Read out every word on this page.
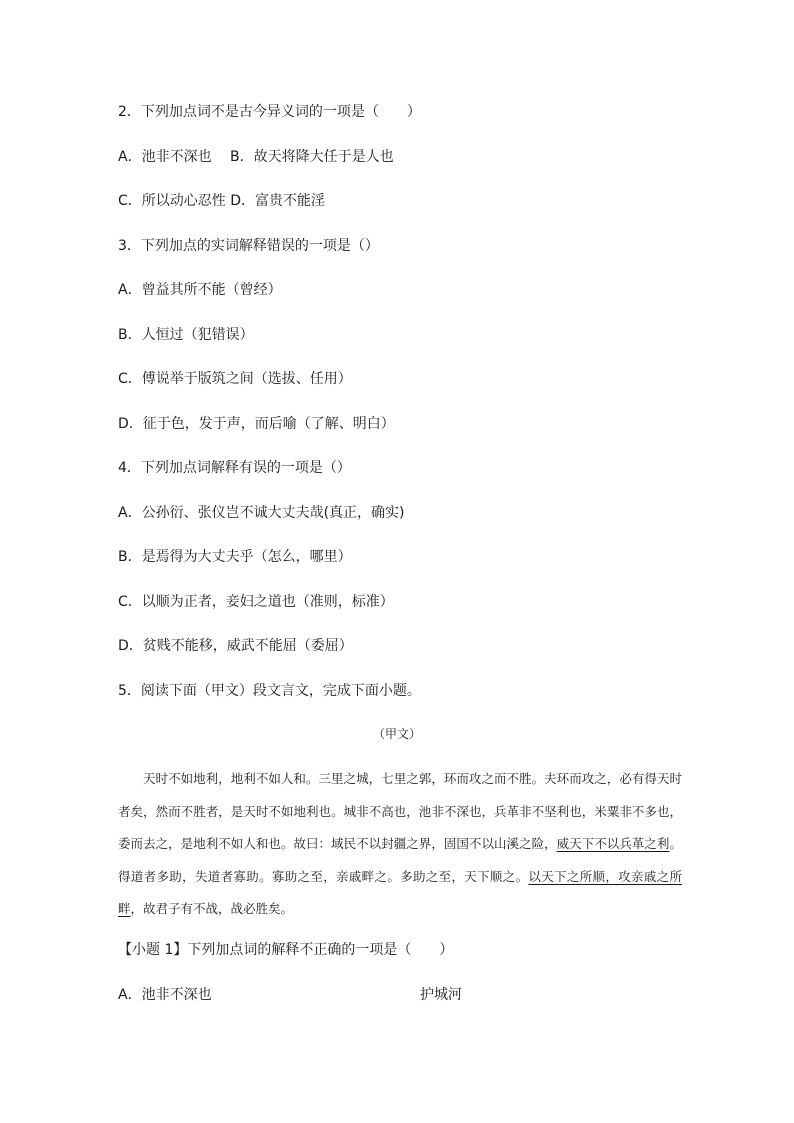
2．下列加点词不是古今异义词的一项是（　　）
A．池非不深也　 B．故天将降大任于是人也
C．所以动心忍性 D．富贵不能淫
3．下列加点的实词解释错误的一项是（）
A．曾益其所不能（曾经）
B．人恒过（犯错误）
C．傅说举于版筑之间（选拔、任用）
D．征于色，发于声，而后喻（了解、明白）
4．下列加点词解释有误的一项是（）
A．公孙衍、张仪岂不诚大丈夫哉(真正，确实)
B．是焉得为大丈夫乎（怎么，哪里）
C．以顺为正者，妾妇之道也（准则，标准）
D．贫贱不能移，威武不能屈（委屈）
5．阅读下面（甲文）段文言文，完成下面小题。
（甲文）

天时不如地利，地利不如人和。三里之城，七里之郭，环而攻之而不胜。夫环而攻之，必有得天时者矣，然而不胜者，是天时不如地利也。城非不高也，池非不深也，兵革非不坚利也，米粟非不多也，委而去之，是地利不如人和也。故曰：域民不以封疆之界，固国不以山溪之险，威天下不以兵革之利。得道者多助，失道者寡助。寡助之至，亲戚畔之。多助之至，天下顺之。以天下之所顺，攻亲戚之所畔，故君子有不战，战必胜矣。

【小题 1】下列加点词的解释不正确的一项是（　　）
A．池非不深也	护城河
